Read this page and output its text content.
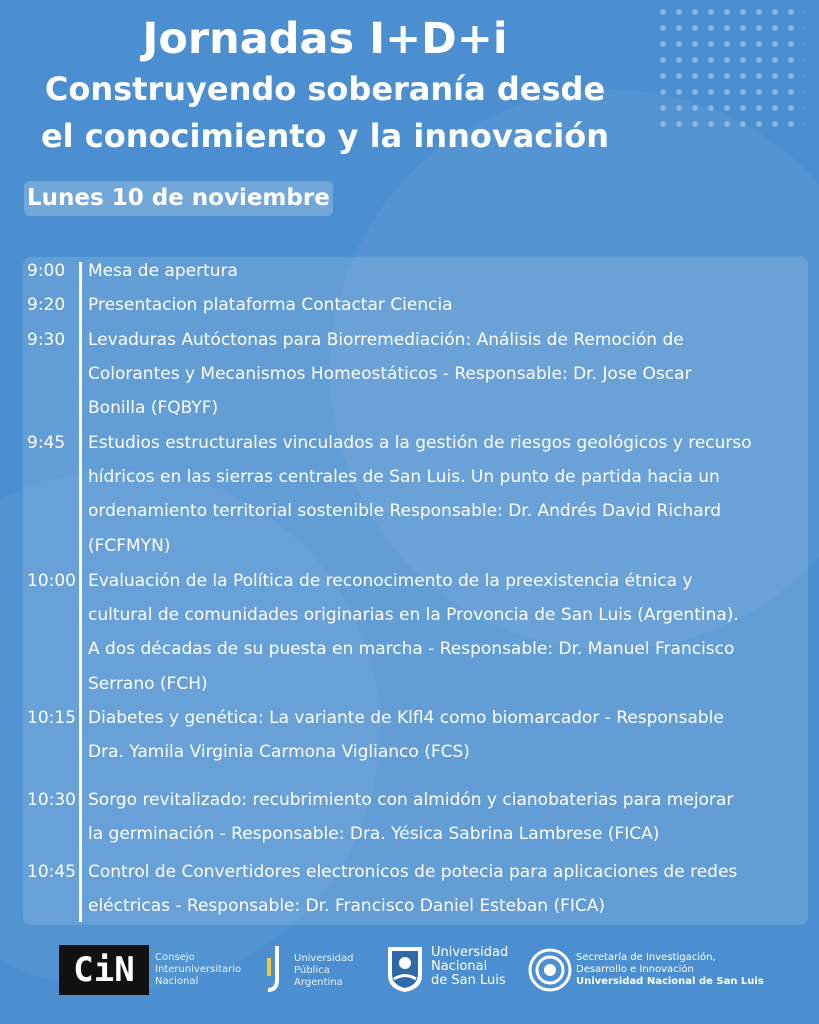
Jornadas I+D+i
Construyendo soberanía desde
el conocimiento y la innovación
Lunes 10 de noviembre
9:00 Mesa de apertura
9:20 Presentacion plataforma Contactar Ciencia
9:30 Levaduras Autóctonas para Biorremediación: Análisis de Remoción de
Colorantes y Mecanismos Homeostáticos - Responsable: Dr. Jose Oscar
Bonilla (FQBYF)
9:45 Estudios estructurales vinculados a la gestión de riesgos geológicos y recurso
hídricos en las sierras centrales de San Luis. Un punto de partida hacia un
ordenamiento territorial sostenible Responsable: Dr. Andrés David Richard
(FCFMYN)
10:00 Evaluación de la Política de reconocimento de la preexistencia étnica y
cultural de comunidades originarias en la Provoncia de San Luis (Argentina).
A dos décadas de su puesta en marcha - Responsable: Dr. Manuel Francisco
Serrano (FCH)
10:15 Diabetes y genética: La variante de Klfl4 como biomarcador - Responsable
Dra. Yamila Virginia Carmona Viglianco (FCS)
10:30 Sorgo revitalizado: recubrimiento con almidón y cianobaterias para mejorar
la germinación - Responsable: Dra. Yésica Sabrina Lambrese (FICA)
10:45 Control de Convertidores electronicos de potecia para aplicaciones de redes
eléctricas - Responsable: Dr. Francisco Daniel Esteban (FICA)
CiN	Consejo
Interuniversitario
Nacional
Universidad
Pública
Argentina
Universidad
Nacional
de San Luis
Secretaría de Investigación,
Desarrollo e Innovación
Universidad Nacional de San Luis
